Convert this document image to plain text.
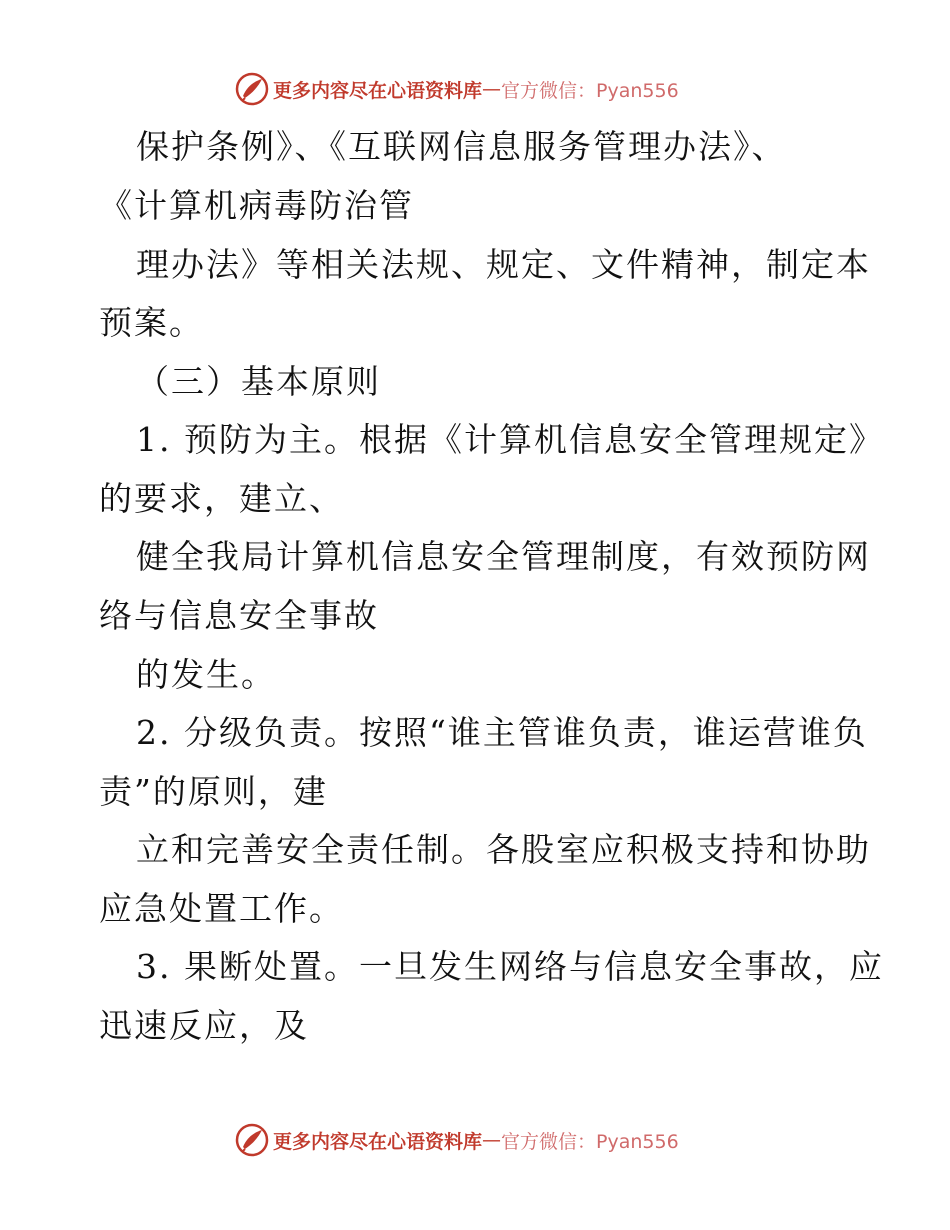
更多内容尽在心语资料库 — 官方微信：Pyan556
保护条例》、《互联网信息服务管理办法》、
《计算机病毒防治管
理办法》等相关法规、规定、文件精神，制定本
预案。
（三）基本原则
1. 预防为主。根据《计算机信息安全管理规定》
的要求，建立、
健全我局计算机信息安全管理制度，有效预防网
络与信息安全事故
的发生。
2. 分级负责。按照“谁主管谁负责，谁运营谁负
责”的原则，建
立和完善安全责任制。各股室应积极支持和协助
应急处置工作。
3. 果断处置。一旦发生网络与信息安全事故，应
迅速反应，及
更多内容尽在心语资料库 — 官方微信：Pyan556
